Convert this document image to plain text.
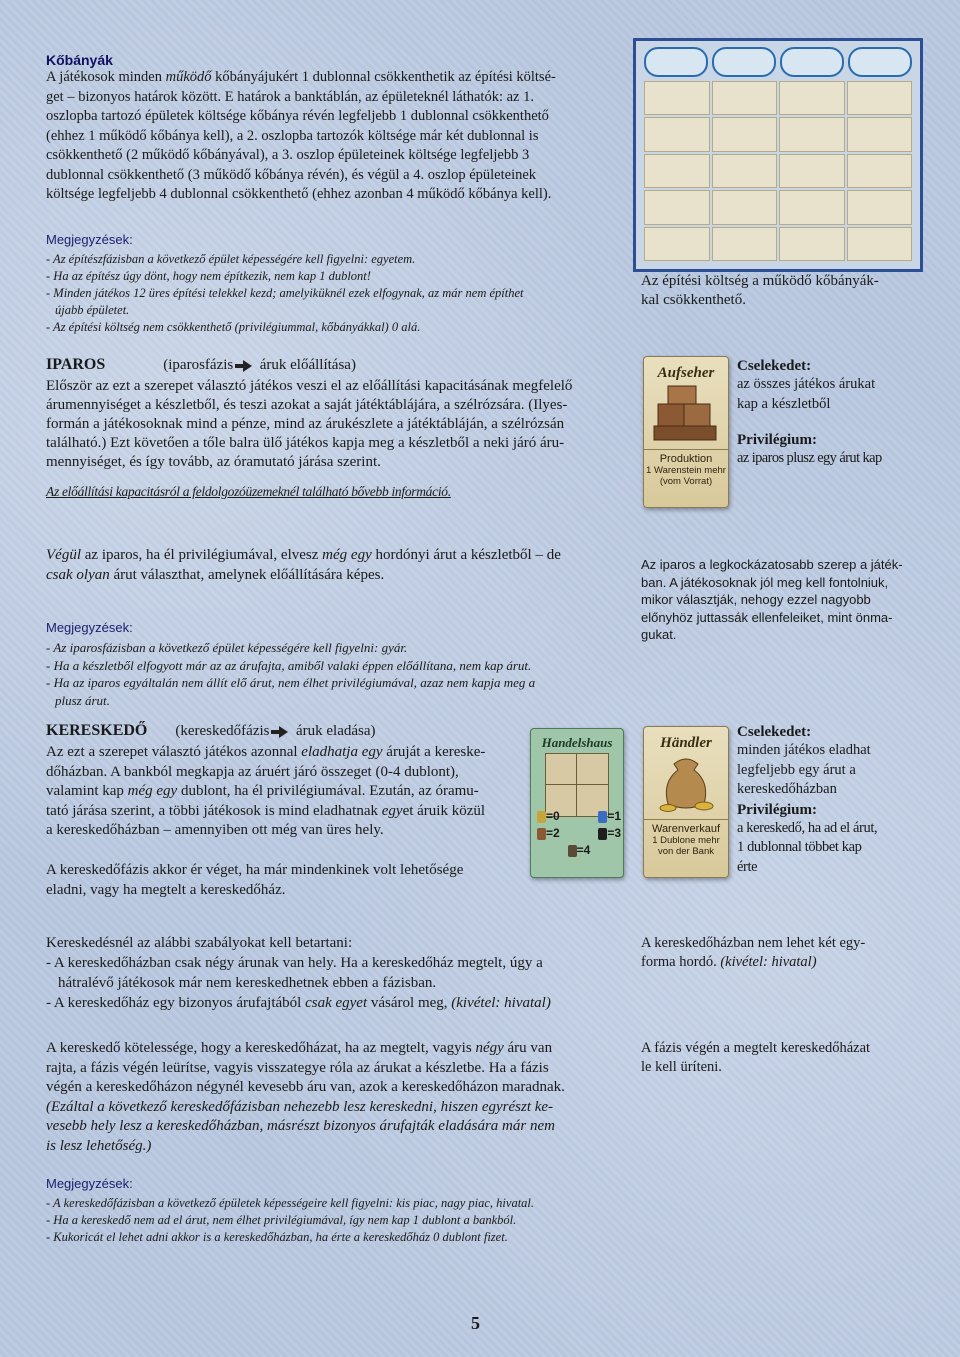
Kőbányák

A játékosok minden működő kőbányájukért 1 dublonnal csökkenthetik az építési költsé-
get – bizonyos határok között. E határok a banktáblán, az épületeknél láthatók: az 1.
oszlopba tartozó épületek költsége kőbánya révén legfeljebb 1 dublonnal csökkenthető
(ehhez 1 működő kőbánya kell), a 2. oszlopba tartozók költsége már két dublonnal is
csökkenthető (2 működő kőbányával), a 3. oszlop épületeinek költsége legfeljebb 3
dublonnal csökkenthető (3 működő kőbánya révén), és végül a 4. oszlop épületeinek
költsége legfeljebb 4 dublonnal csökkenthető (ehhez azonban 4 működő kőbánya kell).

Megjegyzések:

- Az építészfázisban a következő épület képességére kell figyelni: egyetem.
- Ha az építész úgy dönt, hogy nem építkezik, nem kap 1 dublont!
- Minden játékos 12 üres építési telekkel kezd; amelyiküknél ezek elfogynak, az már nem építhet
újabb épületet.
- Az építési költség nem csökkenthető (privilégiummal, kőbányákkal) 0 alá.

Az építési költség a működő kőbányák-
kal csökkenthető.
IPAROS	(iparosfázis áruk előállítása)

Először az ezt a szerepet választó játékos veszi el az előállítási kapacitásának megfelelő
árumennyiséget a készletből, és teszi azokat a saját játéktáblájára, a szélrózsára. (Ilyes-
formán a játékosoknak mind a pénze, mind az árukészlete a játéktábláján, a szélrózsán
található.) Ezt követően a tőle balra ülő játékos kapja meg a készletből a neki járó áru-
mennyiséget, és így tovább, az óramutató járása szerint.

Az előállítási kapacitásról a feldolgozóüzemeknél található bővebb információ.
Aufseher
Produktion
1 Warenstein mehr
(vom Vorrat)
Cselekedet:
az összes játékos árukat
kap a készletből
Privilégium:
az iparos plusz egy árut kap

Végül az iparos, ha él privilégiumával, elvesz még egy hordónyi árut a készletből – de
csak olyan árut választhat, amelynek előállítására képes.

Az iparos a legkockázatosabb szerep a játék-
ban. A játékosoknak jól meg kell fontolniuk,
mikor választják, nehogy ezzel nagyobb
előnyhöz juttassák ellenfeleiket, mint önma-
gukat.
Megjegyzések:

- Az iparosfázisban a következő épület képességére kell figyelni: gyár.
- Ha a készletből elfogyott már az az árufajta, amiből valaki éppen előállítana, nem kap árut.
- Ha az iparos egyáltalán nem állít elő árut, nem élhet privilégiumával, azaz nem kapja meg a
plusz árut.

KERESKEDŐ (kereskedőfázis áruk eladása)

Az ezt a szerepet választó játékos azonnal eladhatja egy áruját a kereske-
dőházban. A bankból megkapja az áruért járó összeget (0-4 dublont),
valamint kap még egy dublont, ha él privilégiumával. Ezután, az óramu-
tató járása szerint, a többi játékosok is mind eladhatnak egyet áruik közül
a kereskedőházban – amennyiben ott még van üres hely.

A kereskedőfázis akkor ér véget, ha már mindenkinek volt lehetősége
eladni, vagy ha megtelt a kereskedőház.

Handelshaus
=0	=1
=2	=3
=4
Händler
Warenverkauf
1 Dublone mehr
von der Bank
Cselekedet:
minden játékos eladhat
legfeljebb egy árut a
kereskedőházban
Privilégium:
a kereskedő, ha ad el árut,
1 dublonnal többet kap
érte

Kereskedésnél az alábbi szabályokat kell betartani:
- A kereskedőházban csak négy árunak van hely. Ha a kereskedőház megtelt, úgy a
hátralévő játékosok már nem kereskedhetnek ebben a fázisban.
- A kereskedőház egy bizonyos árufajtából csak egyet vásárol meg, (kivétel: hivatal)

A kereskedőházban nem lehet két egy-
forma hordó. (kivétel: hivatal)

A kereskedő kötelessége, hogy a kereskedőházat, ha az megtelt, vagyis négy áru van
rajta, a fázis végén leürítse, vagyis visszategye róla az árukat a készletbe. Ha a fázis
végén a kereskedőházon négynél kevesebb áru van, azok a kereskedőházon maradnak.
(Ezáltal a következő kereskedőfázisban nehezebb lesz kereskedni, hiszen egyrészt ke-
vesebb hely lesz a kereskedőházban, másrészt bizonyos árufajták eladására már nem
is lesz lehetőség.)

A fázis végén a megtelt kereskedőházat
le kell üríteni.
Megjegyzések:

- A kereskedőfázisban a következő épületek képességeire kell figyelni: kis piac, nagy piac, hivatal.
- Ha a kereskedő nem ad el árut, nem élhet privilégiumával, így nem kap 1 dublont a bankból.
- Kukoricát el lehet adni akkor is a kereskedőházban, ha érte a kereskedőház 0 dublont fizet.

5
